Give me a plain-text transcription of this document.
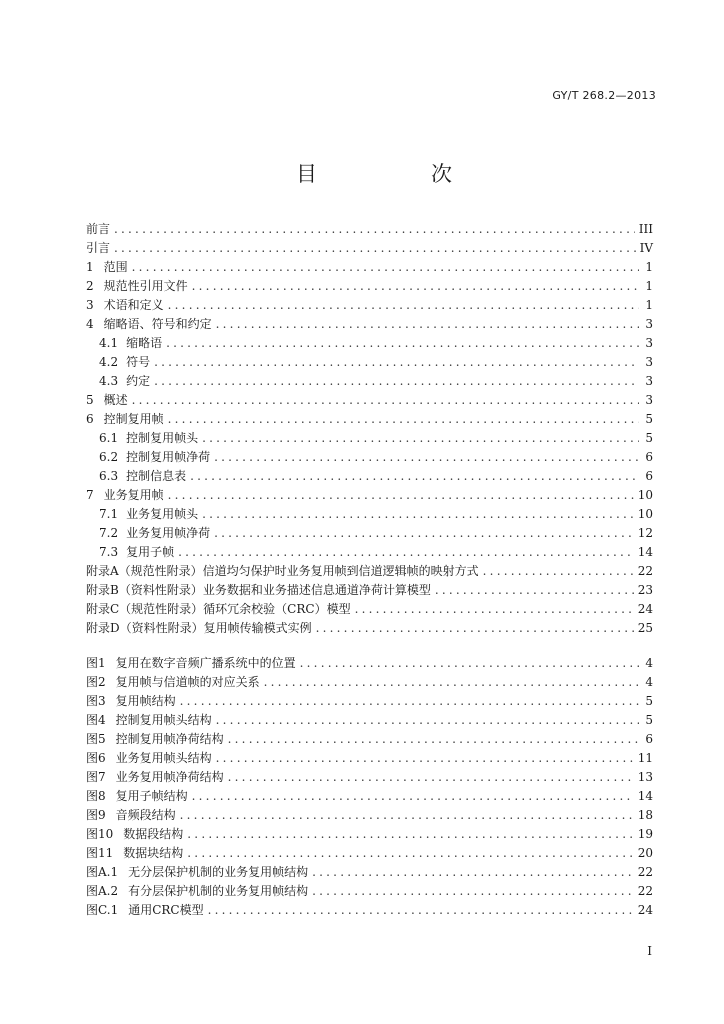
GY/T 268.2—2013
目　　次
前言 .....	III
引言 .....	IV
1 范围 .....	1
2 规范性引用文件 .....	1
3 术语和定义 .....	1
4 缩略语、符号和约定 .....	3
4.1 缩略语 .....	3
4.2 符号 .....	3
4.3 约定 .....	3
5 概述 .....	3
6 控制复用帧 .....	5
6.1 控制复用帧头 .....	5
6.2 控制复用帧净荷 .....	6
6.3 控制信息表 .....	6
7 业务复用帧 .....	10
7.1 业务复用帧头 .....	10
7.2 业务复用帧净荷 .....	12
7.3 复用子帧 .....	14
附录A（规范性附录）信道均匀保护时业务复用帧到信道逻辑帧的映射方式 .....	22
附录B（资料性附录）业务数据和业务描述信息通道净荷计算模型 .....	23
附录C（规范性附录）循环冗余校验（CRC）模型 .....	24
附录D（资料性附录）复用帧传输模式实例 .....	25
图1 复用在数字音频广播系统中的位置 .....	4
图2 复用帧与信道帧的对应关系 .....	4
图3 复用帧结构 .....	5
图4 控制复用帧头结构 .....	5
图5 控制复用帧净荷结构 .....	6
图6 业务复用帧头结构 .....	11
图7 业务复用帧净荷结构 .....	13
图8 复用子帧结构 .....	14
图9 音频段结构 .....	18
图10 数据段结构 .....	19
图11 数据块结构 .....	20
图A.1 无分层保护机制的业务复用帧结构 .....	22
图A.2 有分层保护机制的业务复用帧结构 .....	22
图C.1 通用CRC模型 .....	24
I
